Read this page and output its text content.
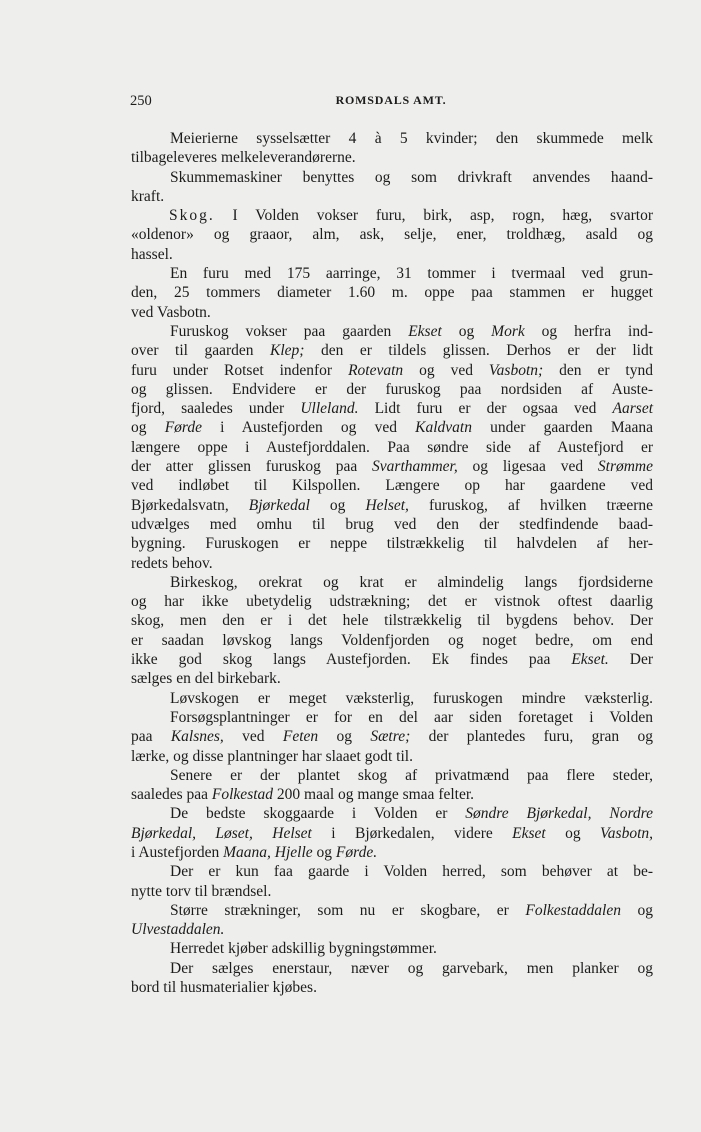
250	ROMSDALS AMT.
Meierierne sysselsætter 4 à 5 kvinder; den skummede melk
tilbageleveres melkeleverandørerne.
Skummemaskiner benyttes og som drivkraft anvendes haand-
kraft.
Skog. I Volden vokser furu, birk, asp, rogn, hæg, svartor
«oldenor» og graaor, alm, ask, selje, ener, troldhæg, asald og
hassel.
En furu med 175 aarringe, 31 tommer i tvermaal ved grun-
den, 25 tommers diameter 1.60 m. oppe paa stammen er hugget
ved Vasbotn.
Furuskog vokser paa gaarden Ekset og Mork og herfra ind-
over til gaarden Klep; den er tildels glissen. Derhos er der lidt
furu under Rotset indenfor Rotevatn og ved Vasbotn; den er tynd
og glissen. Endvidere er der furuskog paa nordsiden af Auste-
fjord, saaledes under Ulleland. Lidt furu er der ogsaa ved Aarset
og Førde i Austefjorden og ved Kaldvatn under gaarden Maana
længere oppe i Austefjorddalen. Paa søndre side af Austefjord er
der atter glissen furuskog paa Svarthammer, og ligesaa ved Strømme
ved indløbet til Kilspollen. Længere op har gaardene ved
Bjørkedalsvatn, Bjørkedal og Helset, furuskog, af hvilken træerne
udvælges med omhu til brug ved den der stedfindende baad-
bygning. Furuskogen er neppe tilstrækkelig til halvdelen af her-
redets behov.
Birkeskog, orekrat og krat er almindelig langs fjordsiderne
og har ikke ubetydelig udstrækning; det er vistnok oftest daarlig
skog, men den er i det hele tilstrækkelig til bygdens behov. Der
er saadan løvskog langs Voldenfjorden og noget bedre, om end
ikke god skog langs Austefjorden. Ek findes paa Ekset. Der
sælges en del birkebark.
Løvskogen er meget væksterlig, furuskogen mindre væksterlig.
Forsøgsplantninger er for en del aar siden foretaget i Volden
paa Kalsnes, ved Feten og Sætre; der plantedes furu, gran og
lærke, og disse plantninger har slaaet godt til.
Senere er der plantet skog af privatmænd paa flere steder,
saaledes paa Folkestad 200 maal og mange smaa felter.
De bedste skoggaarde i Volden er Søndre Bjørkedal, Nordre
Bjørkedal, Løset, Helset i Bjørkedalen, videre Ekset og Vasbotn,
i Austefjorden Maana, Hjelle og Førde.
Der er kun faa gaarde i Volden herred, som behøver at be-
nytte torv til brændsel.
Større strækninger, som nu er skogbare, er Folkestaddalen og
Ulvestaddalen.
Herredet kjøber adskillig bygningstømmer.
Der sælges enerstaur, næver og garvebark, men planker og
bord til husmaterialier kjøbes.
